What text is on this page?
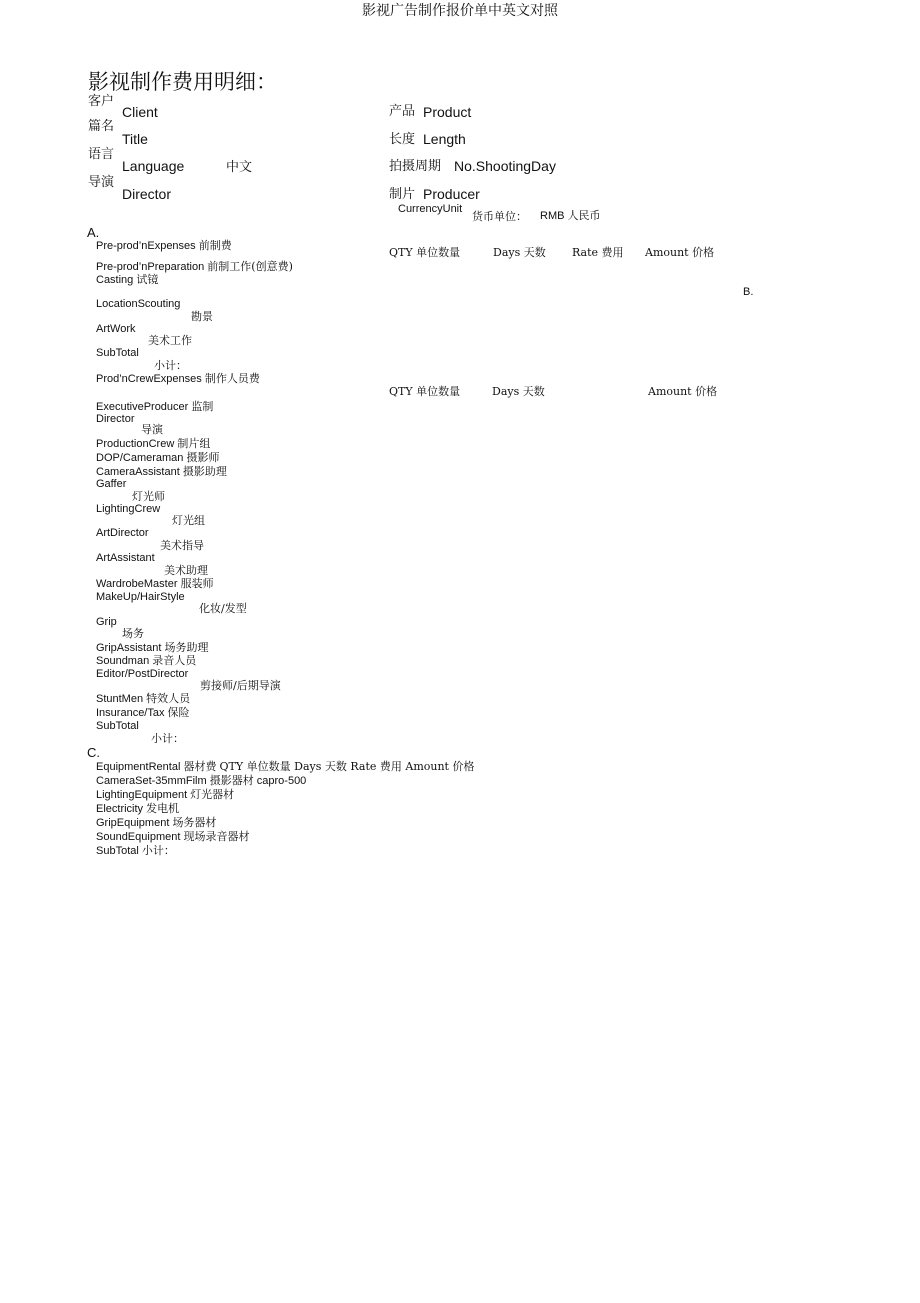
影视广告制作报价单中英文对照
影视制作费用明细：
客户
Client
篇名
Title
语言
Language	中文
导演
Director
产品 Product
长度 Length
拍摄周期 No.ShootingDay
制片 Producer
CurrencyUnit
货币单位： RMB 人民币
A.
Pre-prod’nExpenses 前制费
QTY 单位数量	Days 天数 Rate 费用 Amount 价格
Pre-prod’nPreparation 前制工作(创意费)
Casting 试镜
LocationScouting
勘景
ArtWork
美术工作
SubTotal
小计：
B.
Prod’nCrewExpenses 制作人员费
QTY 单位数量	Days 天数	Amount 价格
ExecutiveProducer 监制
Director
导演
ProductionCrew 制片组
DOP/Cameraman 摄影师
CameraAssistant 摄影助理
Gaffer
灯光师
LightingCrew
灯光组
ArtDirector
美术指导
ArtAssistant
美术助理
WardrobeMaster 服装师
MakeUp/HairStyle
化妆/发型
Grip
场务
GripAssistant 场务助理
Soundman 录音人员
Editor/PostDirector
剪接师/后期导演
StuntMen 特效人员
Insurance/Tax 保险
SubTotal
小计：
C.
EquipmentRental 器材费 QTY 单位数量 Days 天数 Rate 费用 Amount 价格
CameraSet-35mmFilm 摄影器材 capro-500
LightingEquipment 灯光器材
Electricity 发电机
GripEquipment 场务器材
SoundEquipment 现场录音器材
SubTotal 小计：
